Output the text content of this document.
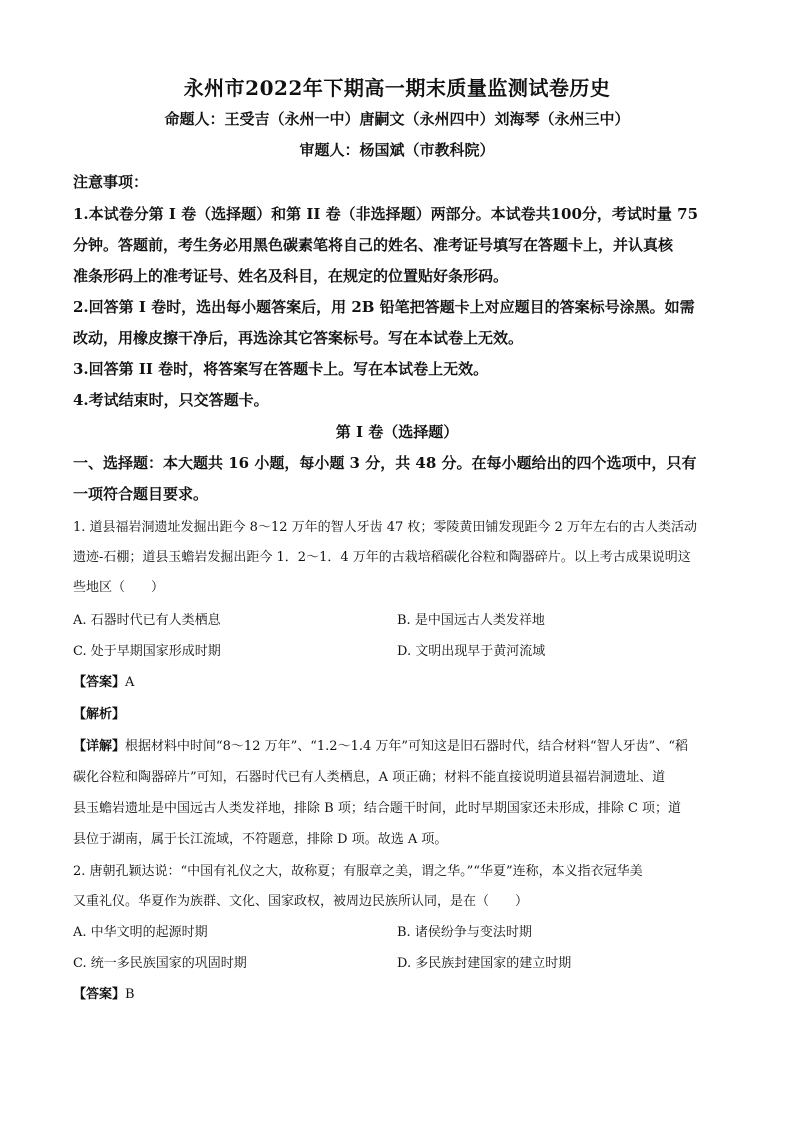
永州市2022年下期高一期末质量监测试卷历史
命题人：王受吉（永州一中）唐嗣文（永州四中）刘海琴（永州三中）
审题人：杨国斌（市教科院）
注意事项：
1.本试卷分第 I 卷（选择题）和第 II 卷（非选择题）两部分。本试卷共100分，考试时量 75
分钟。答题前，考生务必用黑色碳素笔将自己的姓名、准考证号填写在答题卡上，并认真核
准条形码上的准考证号、姓名及科目，在规定的位置贴好条形码。
2.回答第 I 卷时，选出每小题答案后，用 2B 铅笔把答题卡上对应题目的答案标号涂黑。如需
改动，用橡皮擦干净后，再选涂其它答案标号。写在本试卷上无效。
3.回答第 II 卷时，将答案写在答题卡上。写在本试卷上无效。
4.考试结束时，只交答题卡。
第 I 卷（选择题）
一、选择题：本大题共 16 小题，每小题 3 分，共 48 分。在每小题给出的四个选项中，只有
一项符合题目要求。
1. 道县福岩洞遗址发掘出距今 8～12 万年的智人牙齿 47 枚；零陵黄田铺发现距今 2 万年左右的古人类活动
遗迹-石棚；道县玉蟾岩发掘出距今 1．2～1．4 万年的古栽培稻碳化谷粒和陶器碎片。以上考古成果说明这
些地区（　　）
A. 石器时代已有人类栖息	B. 是中国远古人类发祥地
C. 处于早期国家形成时期	D. 文明出现早于黄河流域
【答案】A
【解析】
【详解】根据材料中时间“8～12 万年”、“1.2～1.4 万年”可知这是旧石器时代，结合材料“智人牙齿”、“稻
碳化谷粒和陶器碎片”可知，石器时代已有人类栖息，A 项正确；材料不能直接说明道县福岩洞遗址、道
县玉蟾岩遗址是中国远古人类发祥地，排除 B 项；结合题干时间，此时早期国家还未形成，排除 C 项；道
县位于湖南，属于长江流域，不符题意，排除 D 项。故选 A 项。
2. 唐朝孔颖达说：“中国有礼仪之大，故称夏；有服章之美，谓之华。”“华夏”连称，本义指衣冠华美
又重礼仪。华夏作为族群、文化、国家政权，被周边民族所认同，是在（　　）
A. 中华文明的起源时期	B. 诸侯纷争与变法时期
C. 统一多民族国家的巩固时期	D. 多民族封建国家的建立时期
【答案】B
